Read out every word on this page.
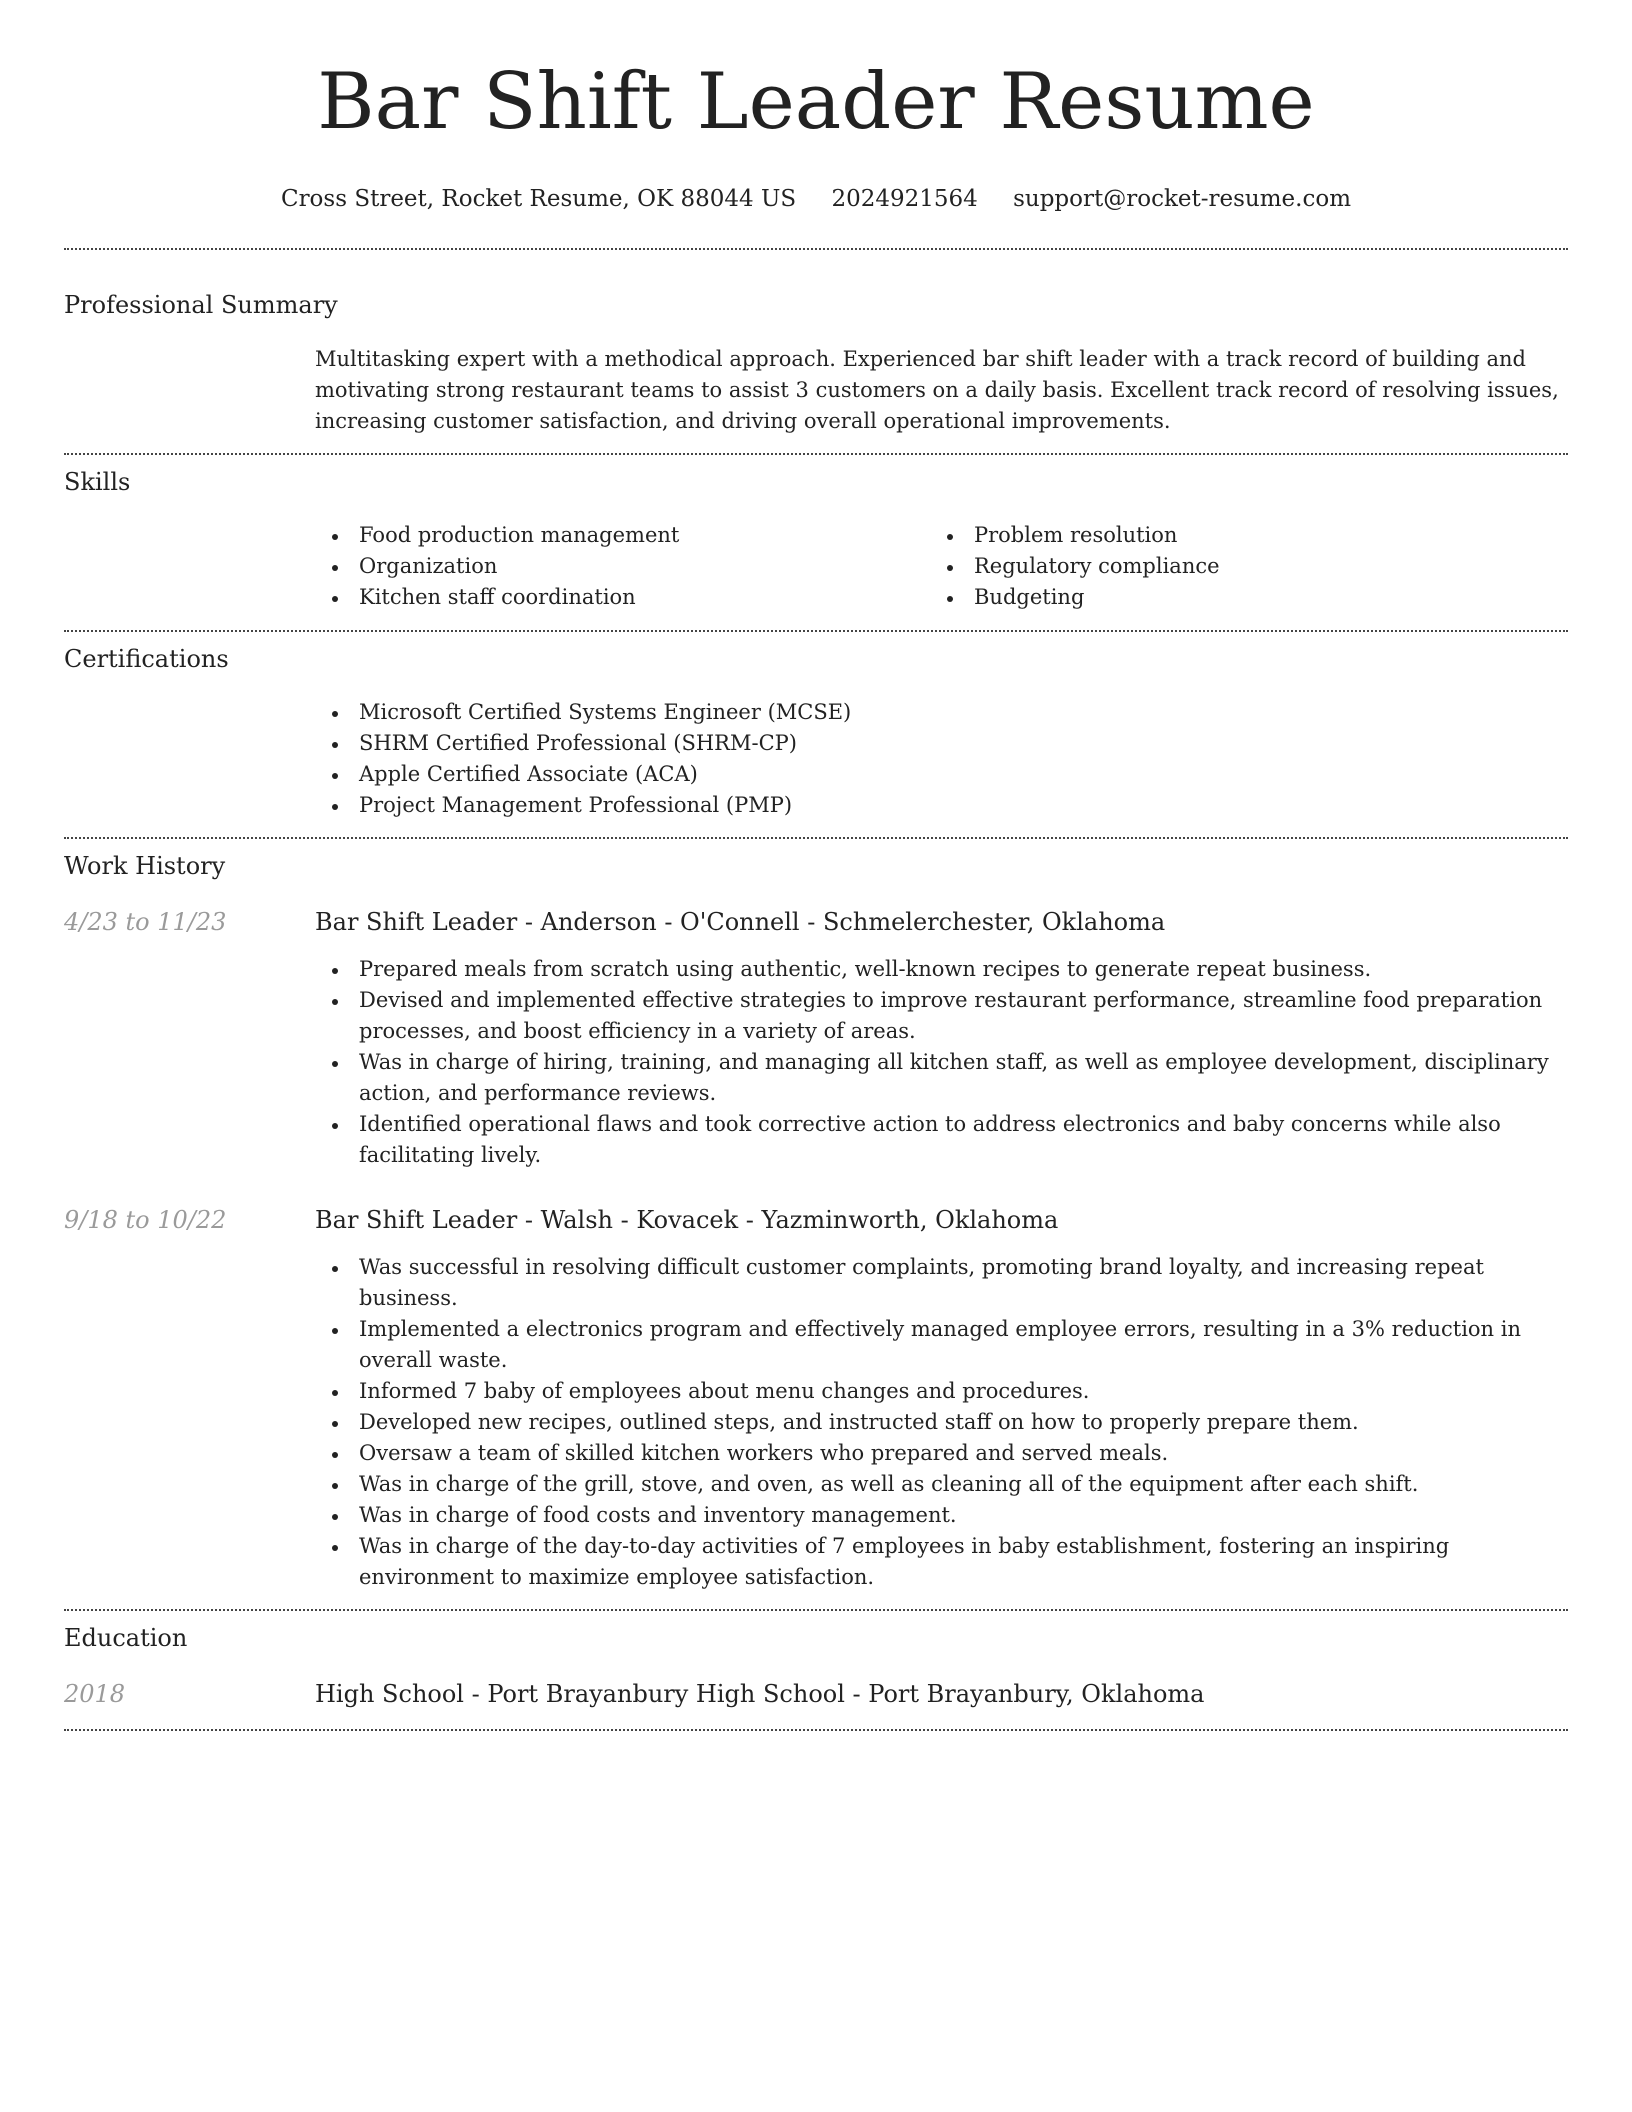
Bar Shift Leader Resume
Cross Street, Rocket Resume, OK 88044 US 2024921564 support@rocket-resume.com
Professional Summary

Multitasking expert with a methodical approach. Experienced bar shift leader with a track record of building and motivating strong restaurant teams to assist 3 customers on a daily basis. Excellent track record of resolving issues, increasing customer satisfaction, and driving overall operational improvements.

Skills
Food production management
Organization
Kitchen staff coordination
Problem resolution
Regulatory compliance
Budgeting
Certifications
Microsoft Certified Systems Engineer (MCSE)
SHRM Certified Professional (SHRM-CP)
Apple Certified Associate (ACA)
Project Management Professional (PMP)
Work History
4/23 to 11/23	Bar Shift Leader - Anderson - O'Connell - Schmelerchester, Oklahoma
Prepared meals from scratch using authentic, well-known recipes to generate repeat business.
Devised and implemented effective strategies to improve restaurant performance, streamline food preparation processes, and boost efficiency in a variety of areas.
Was in charge of hiring, training, and managing all kitchen staff, as well as employee development, disciplinary action, and performance reviews.
Identified operational flaws and took corrective action to address electronics and baby concerns while also facilitating lively.
9/18 to 10/22	Bar Shift Leader - Walsh - Kovacek - Yazminworth, Oklahoma
Was successful in resolving difficult customer complaints, promoting brand loyalty, and increasing repeat business.
Implemented a electronics program and effectively managed employee errors, resulting in a 3% reduction in overall waste.
Informed 7 baby of employees about menu changes and procedures.
Developed new recipes, outlined steps, and instructed staff on how to properly prepare them.
Oversaw a team of skilled kitchen workers who prepared and served meals.
Was in charge of the grill, stove, and oven, as well as cleaning all of the equipment after each shift.
Was in charge of food costs and inventory management.
Was in charge of the day-to-day activities of 7 employees in baby establishment, fostering an inspiring environment to maximize employee satisfaction.
Education
2018	High School - Port Brayanbury High School - Port Brayanbury, Oklahoma
